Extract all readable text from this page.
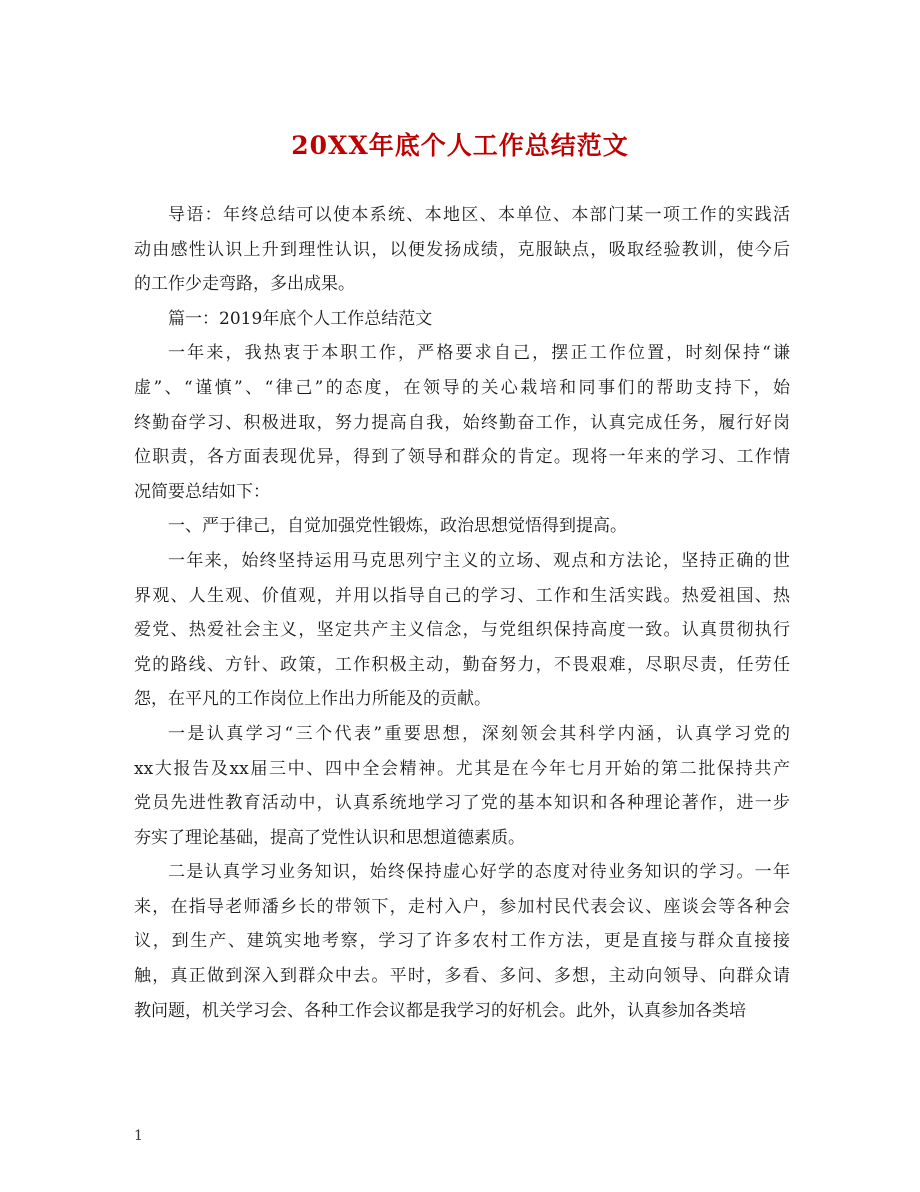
20XX年底个人工作总结范文
导语：年终总结可以使本系统、本地区、本单位、本部门某一项工作的实践活
动由感性认识上升到理性认识，以便发扬成绩，克服缺点，吸取经验教训，使今后
的工作少走弯路，多出成果。
篇一：2019年底个人工作总结范文
一年来，我热衷于本职工作，严格要求自己，摆正工作位置，时刻保持“谦
虚”、“谨慎”、“律己”的态度，在领导的关心栽培和同事们的帮助支持下，始
终勤奋学习、积极进取，努力提高自我，始终勤奋工作，认真完成任务，履行好岗
位职责，各方面表现优异，得到了领导和群众的肯定。现将一年来的学习、工作情
况简要总结如下：
一、严于律己，自觉加强党性锻炼，政治思想觉悟得到提高。
一年来，始终坚持运用马克思列宁主义的立场、观点和方法论，坚持正确的世
界观、人生观、价值观，并用以指导自己的学习、工作和生活实践。热爱祖国、热
爱党、热爱社会主义，坚定共产主义信念，与党组织保持高度一致。认真贯彻执行
党的路线、方针、政策，工作积极主动，勤奋努力，不畏艰难，尽职尽责，任劳任
怨，在平凡的工作岗位上作出力所能及的贡献。
一是认真学习“三个代表”重要思想，深刻领会其科学内涵，认真学习党的
xx大报告及xx届三中、四中全会精神。尤其是在今年七月开始的第二批保持共产
党员先进性教育活动中，认真系统地学习了党的基本知识和各种理论著作，进一步
夯实了理论基础，提高了党性认识和思想道德素质。
二是认真学习业务知识，始终保持虚心好学的态度对待业务知识的学习。一年
来，在指导老师潘乡长的带领下，走村入户，参加村民代表会议、座谈会等各种会
议，到生产、建筑实地考察，学习了许多农村工作方法，更是直接与群众直接接
触，真正做到深入到群众中去。平时，多看、多问、多想，主动向领导、向群众请
教问题，机关学习会、各种工作会议都是我学习的好机会。此外，认真参加各类培
1
